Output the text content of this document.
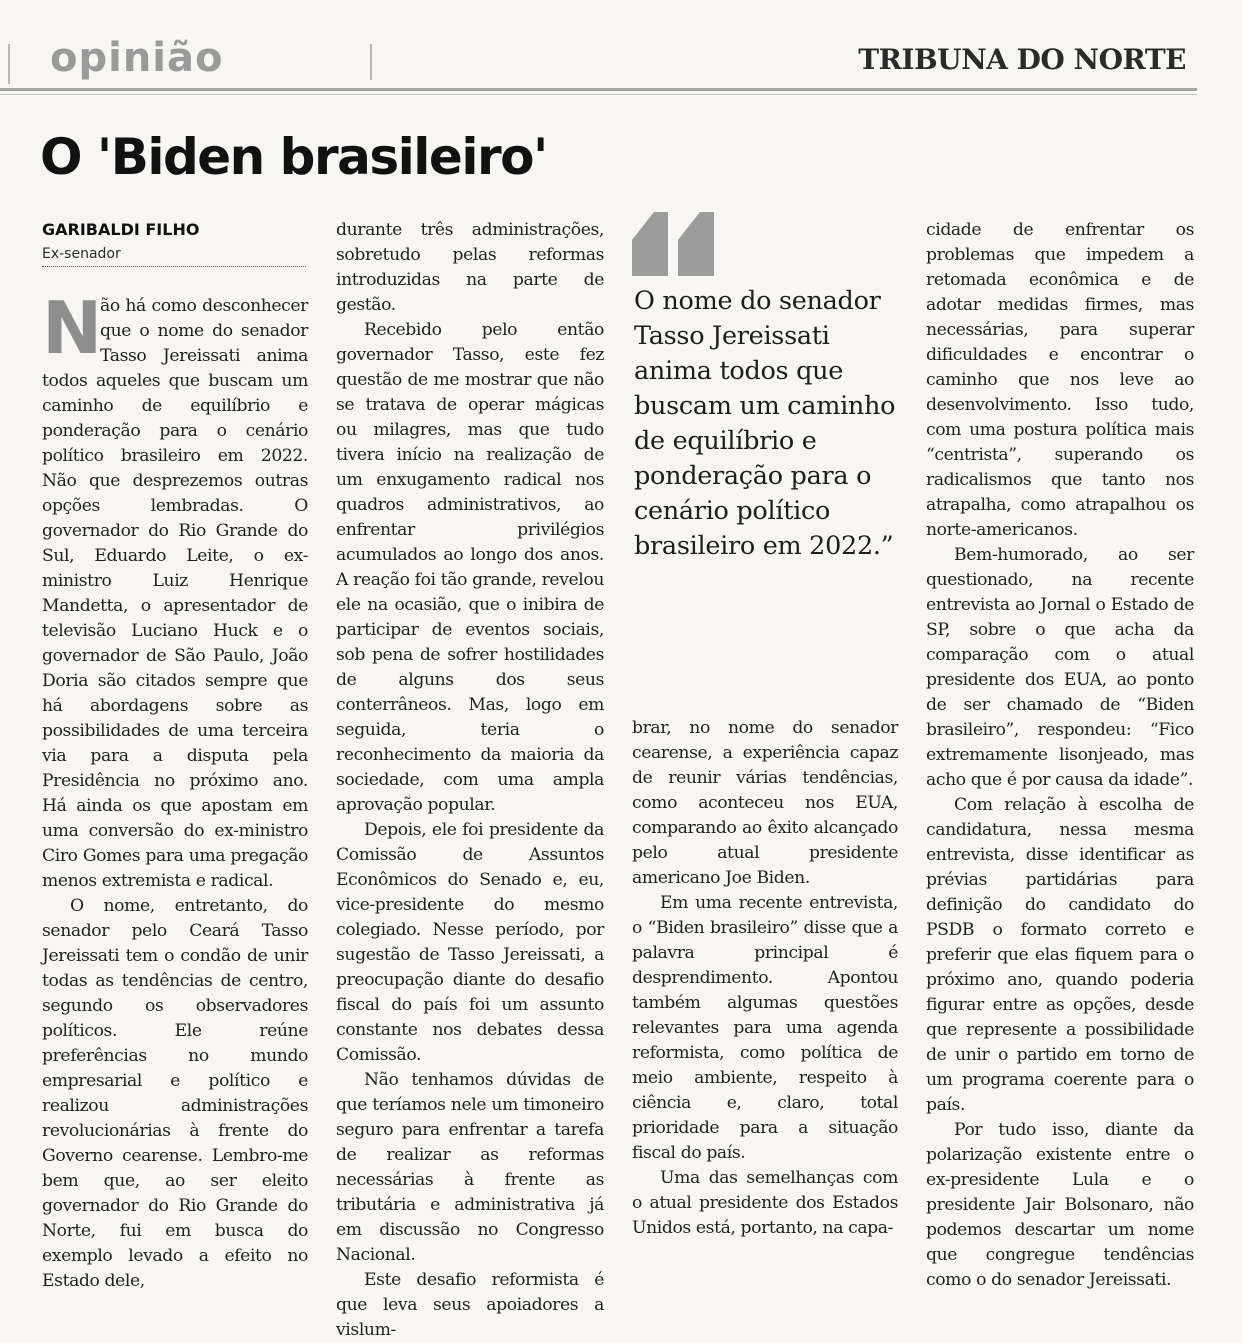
opinião	TRIBUNA DO NORTE
O 'Biden brasileiro'
GARIBALDI FILHO
Ex-senador
N
ão há como desconhecer que o nome do senador Tasso Jereissati anima todos aqueles que buscam um caminho de equilíbrio e ponderação para o cenário político brasileiro em 2022. Não que desprezemos outras opções lembradas. O governador do Rio Grande do Sul, Eduardo Leite, o ex-ministro Luiz Henrique Mandetta, o apresentador de televisão Luciano Huck e o governador de São Paulo, João Doria são citados sempre que há abordagens sobre as possibilidades de uma terceira via para a disputa pela Presidência no próximo ano. Há ainda os que apostam em uma conversão do ex-ministro Ciro Gomes para uma pregação menos extremista e radical.
O nome, entretanto, do senador pelo Ceará Tasso Jereissati tem o condão de unir todas as tendências de centro, segundo os observadores políticos. Ele reúne preferências no mundo empresarial e político e realizou administrações revolucionárias à frente do Governo cearense. Lembro-me bem que, ao ser eleito governador do Rio Grande do Norte, fui em busca do exemplo levado a efeito no Estado dele,
durante três administrações, sobretudo pelas reformas introduzidas na parte de gestão.
Recebido pelo então governador Tasso, este fez questão de me mostrar que não se tratava de operar mágicas ou milagres, mas que tudo tivera início na realização de um enxugamento radical nos quadros administrativos, ao enfrentar privilégios acumulados ao longo dos anos. A reação foi tão grande, revelou ele na ocasião, que o inibira de participar de eventos sociais, sob pena de sofrer hostilidades de alguns dos seus conterrâneos. Mas, logo em seguida, teria o reconhecimento da maioria da sociedade, com uma ampla aprovação popular.
Depois, ele foi presidente da Comissão de Assuntos Econômicos do Senado e, eu, vice-presidente do mesmo colegiado. Nesse período, por sugestão de Tasso Jereissati, a preocupação diante do desafio fiscal do país foi um assunto constante nos debates dessa Comissão.
Não tenhamos dúvidas de que teríamos nele um timoneiro seguro para enfrentar a tarefa de realizar as reformas necessárias à frente as tributária e administrativa já em discussão no Congresso Nacional.
Este desafio reformista é que leva seus apoiadores a vislum-

O nome do senador Tasso Jereissati anima todos que buscam um caminho de equilíbrio e ponderação para o cenário político brasileiro em 2022.”

brar, no nome do senador cearense, a experiência capaz de reunir várias tendências, como aconteceu nos EUA, comparando ao êxito alcançado pelo atual presidente americano Joe Biden.
Em uma recente entrevista, o “Biden brasileiro” disse que a palavra principal é desprendimento. Apontou também algumas questões relevantes para uma agenda reformista, como política de meio ambiente, respeito à ciência e, claro, total prioridade para a situação fiscal do país.
Uma das semelhanças com o atual presidente dos Estados Unidos está, portanto, na capa-
cidade de enfrentar os problemas que impedem a retomada econômica e de adotar medidas firmes, mas necessárias, para superar dificuldades e encontrar o caminho que nos leve ao desenvolvimento. Isso tudo, com uma postura política mais “centrista”, superando os radicalismos que tanto nos atrapalha, como atrapalhou os norte-americanos.
Bem-humorado, ao ser questionado, na recente entrevista ao Jornal o Estado de SP, sobre o que acha da comparação com o atual presidente dos EUA, ao ponto de ser chamado de “Biden brasileiro”, respondeu: “Fico extremamente lisonjeado, mas acho que é por causa da idade”.
Com relação à escolha de candidatura, nessa mesma entrevista, disse identificar as prévias partidárias para definição do candidato do PSDB o formato correto e preferir que elas fiquem para o próximo ano, quando poderia figurar entre as opções, desde que represente a possibilidade de unir o partido em torno de um programa coerente para o país.
Por tudo isso, diante da polarização existente entre o ex-presidente Lula e o presidente Jair Bolsonaro, não podemos descartar um nome que congregue tendências como o do senador Jereissati.
